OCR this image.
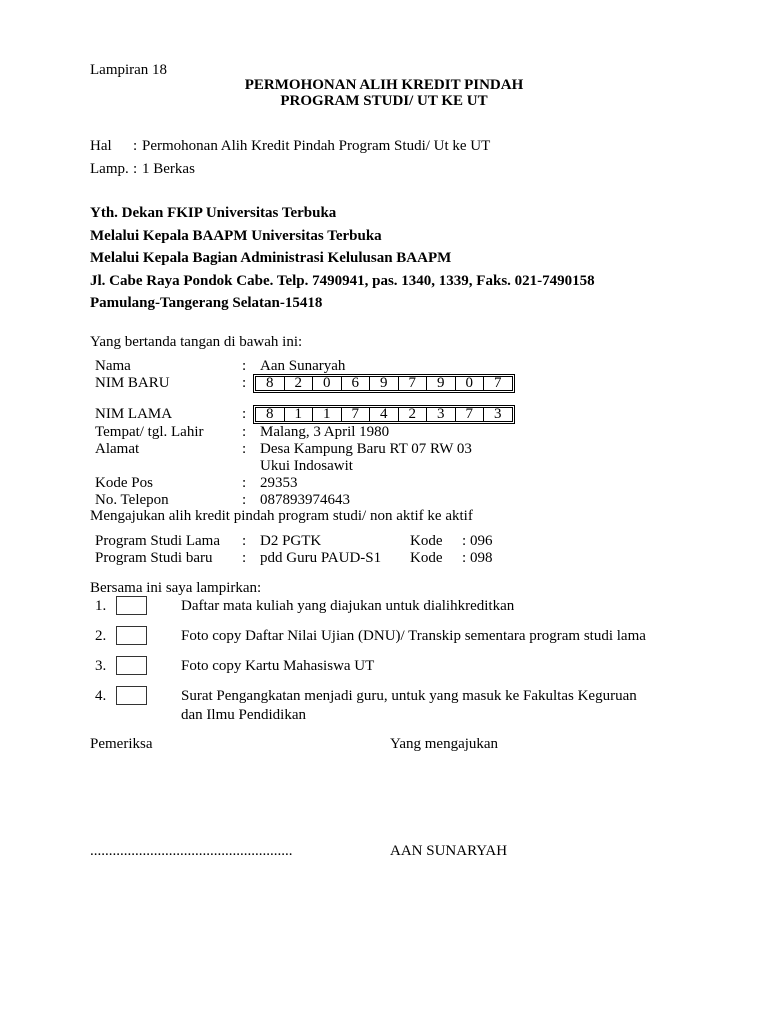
Lampiran 18
PERMOHONAN ALIH KREDIT PINDAH
PROGRAM STUDI/ UT KE UT
Hal : Permohonan Alih Kredit Pindah Program Studi/ Ut ke UT
Lamp. : 1 Berkas
Yth. Dekan FKIP Universitas Terbuka
Melalui Kepala BAAPM Universitas Terbuka
Melalui Kepala Bagian Administrasi Kelulusan BAAPM
Jl. Cabe Raya Pondok Cabe. Telp. 7490941, pas. 1340, 1339, Faks. 021-7490158
Pamulang-Tangerang Selatan-15418
Yang bertanda tangan di bawah ini:
Nama	: Aan Sunaryah
NIM BARU	:	8	2	0	6	9	7	9	0	7
NIM LAMA	:	8	1	1	7	4	2	3	7	3
Tempat/ tgl. Lahir	: Malang, 3 April 1980
Alamat	: Desa Kampung Baru RT 07 RW 03
Ukui Indosawit
Kode Pos	: 29353
No. Telepon	: 087893974643
Mengajukan alih kredit pindah program studi/ non aktif ke aktif
Program Studi Lama : D2 PGTK	Kode : 096
Program Studi baru : pdd Guru PAUD-S1 Kode : 098
Bersama ini saya lampirkan:
1.	Daftar mata kuliah yang diajukan untuk dialihkreditkan
2.	Foto copy Daftar Nilai Ujian (DNU)/ Transkip sementara program studi lama
3.	Foto copy Kartu Mahasiswa UT
4.	Surat Pengangkatan menjadi guru, untuk yang masuk ke Fakultas Keguruan
dan Ilmu Pendidikan
Pemeriksa	Yang mengajukan
......................................................	AAN SUNARYAH
